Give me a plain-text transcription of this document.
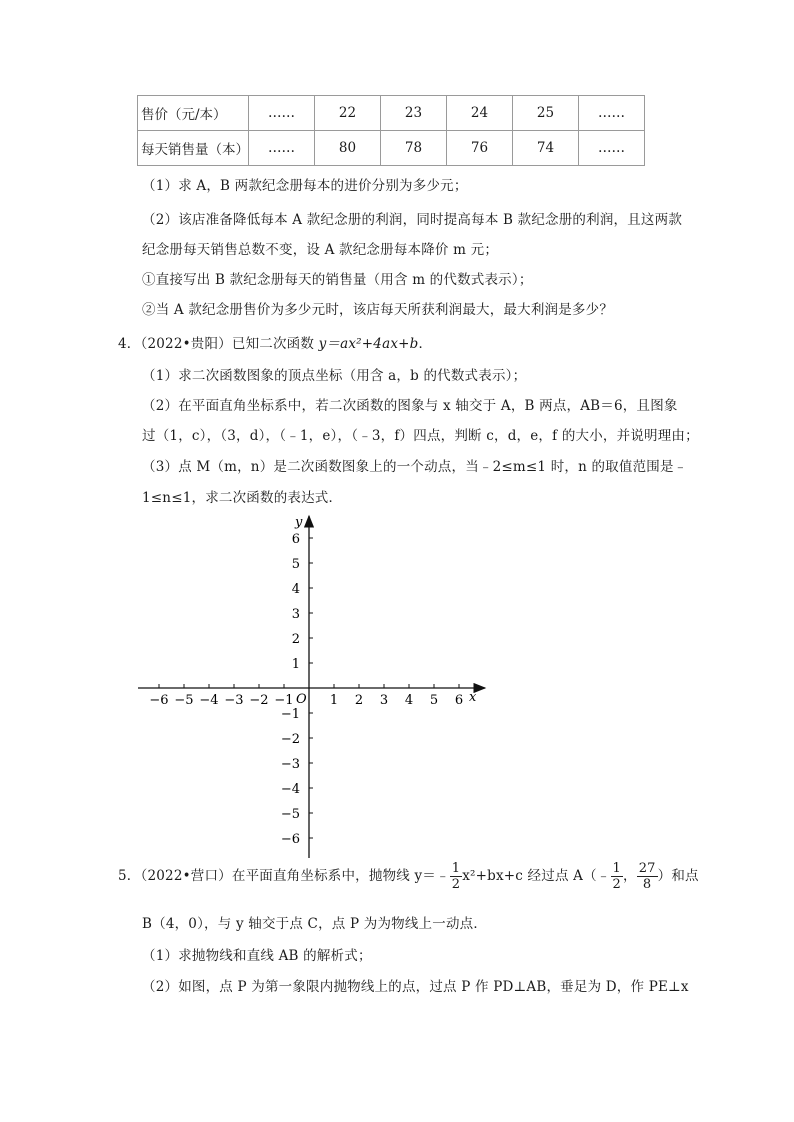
售价（元/本）	……	22	23	24	25	……
每天销售量（本）	……	80	78	76	74	……
（1）求 A，B 两款纪念册每本的进价分别为多少元；
（2）该店准备降低每本 A 款纪念册的利润，同时提高每本 B 款纪念册的利润，且这两款
纪念册每天销售总数不变，设 A 款纪念册每本降价 m 元；
①直接写出 B 款纪念册每天的销售量（用含 m 的代数式表示）；
②当 A 款纪念册售价为多少元时，该店每天所获利润最大，最大利润是多少？
4．（2022•贵阳）已知二次函数 y＝ax²+4ax+b．
（1）求二次函数图象的顶点坐标（用含 a，b 的代数式表示）；
（2）在平面直角坐标系中，若二次函数的图象与 x 轴交于 A，B 两点，AB＝6，且图象
过（1，c），（3，d），（﹣1，e），（﹣3，f）四点，判断 c，d，e，f 的大小，并说明理由；
（3）点 M（m，n）是二次函数图象上的一个动点，当﹣2≤m≤1 时，n 的取值范围是﹣
1≤n≤1，求二次函数的表达式．
−6 −5 −4 −3 −2 −1	1 2 3 4 5 6
6
5
4
3
2
1
−1
−2
−3
−4
−5
−6
x
y
O
5．（2022•营口）在平面直角坐标系中，抛物线 y＝﹣ $\frac{1}{2} x^2+bx+c$ 经过点 A（﹣ $\frac{1}{2}$ ， $\frac{27}{8}$ ）和点
B（4，0），与 y 轴交于点 C，点 P 为为物线上一动点．
（1）求抛物线和直线 AB 的解析式；
（2）如图，点 P 为第一象限内抛物线上的点，过点 P 作 PD⊥AB，垂足为 D，作 PE⊥x
